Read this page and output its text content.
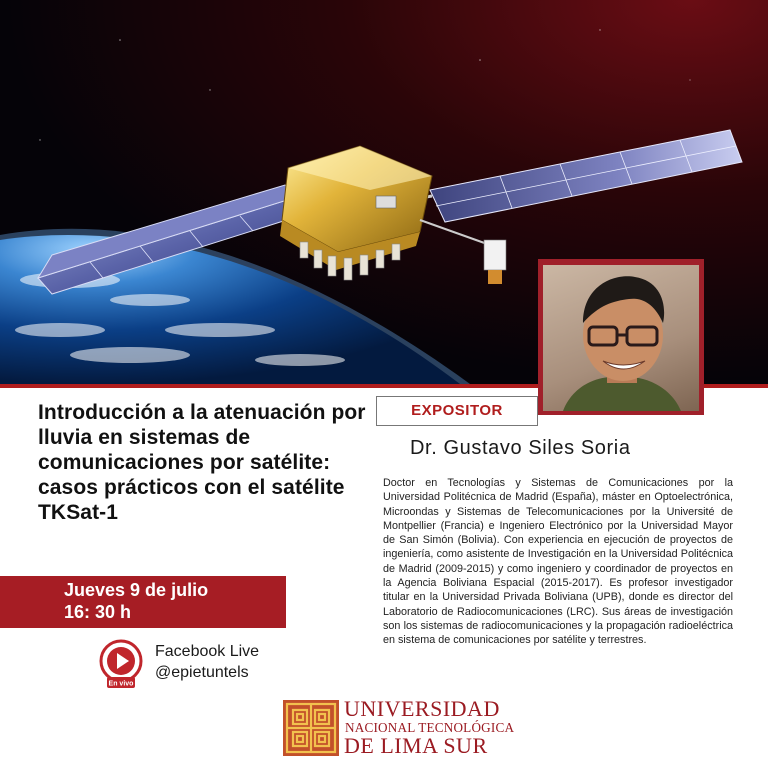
Introducción a la atenuación por lluvia en sistemas de comunicaciones por satélite: casos prácticos con el satélite TKSat-1
EXPOSITOR
Dr. Gustavo Siles Soria

Doctor en Tecnologías y Sistemas de Comunicaciones por la Universidad Politécnica de Madrid (España), máster en Optoelectrónica, Microondas y Sistemas de Telecomunicaciones por la Université de Montpellier (Francia) e Ingeniero Electrónico por la Universidad Mayor de San Simón (Bolivia). Con experiencia en ejecución de proyectos de ingeniería, como asistente de Investigación en la Universidad Politécnica de Madrid (2009-2015) y como ingeniero y coordinador de proyectos en la Agencia Boliviana Espacial (2015-2017). Es profesor investigador titular en la Universidad Privada Boliviana (UPB), donde es director del Laboratorio de Radiocomunicaciones (LRC). Sus áreas de investigación son los sistemas de radiocomunicaciones y la propagación radioeléctrica en sistema de comunicaciones por satélite y terrestres.

Jueves 9 de julio
16: 30 h
En vivo
Facebook Live
@epietuntels
UNIVERSIDAD
NACIONAL TECNOLÓGICA
DE LIMA SUR
